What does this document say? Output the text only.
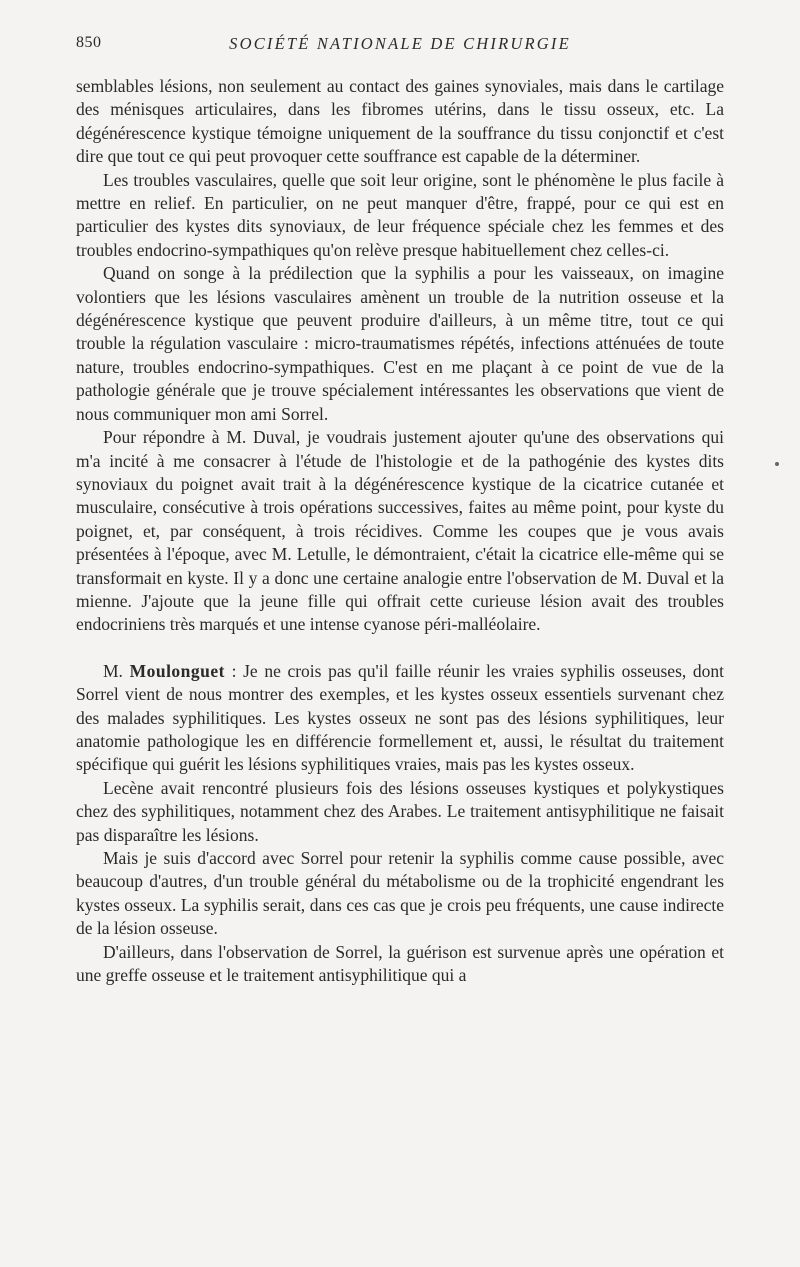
850	SOCIÉTÉ NATIONALE DE CHIRURGIE

semblables lésions, non seulement au contact des gaines synoviales, mais dans le cartilage des ménisques articulaires, dans les fibromes utérins, dans le tissu osseux, etc. La dégénérescence kystique témoigne uniquement de la souffrance du tissu conjonctif et c'est dire que tout ce qui peut provoquer cette souffrance est capable de la déterminer.

Les troubles vasculaires, quelle que soit leur origine, sont le phénomène le plus facile à mettre en relief. En particulier, on ne peut manquer d'être, frappé, pour ce qui est en particulier des kystes dits synoviaux, de leur fréquence spéciale chez les femmes et des troubles endocrino-sympathiques qu'on relève presque habituellement chez celles-ci.

Quand on songe à la prédilection que la syphilis a pour les vaisseaux, on imagine volontiers que les lésions vasculaires amènent un trouble de la nutrition osseuse et la dégénérescence kystique que peuvent produire d'ailleurs, à un même titre, tout ce qui trouble la régulation vasculaire : micro-traumatismes répétés, infections atténuées de toute nature, troubles endocrino-sympathiques. C'est en me plaçant à ce point de vue de la pathologie générale que je trouve spécialement intéressantes les observations que vient de nous communiquer mon ami Sorrel.

Pour répondre à M. Duval, je voudrais justement ajouter qu'une des observations qui m'a incité à me consacrer à l'étude de l'histologie et de la pathogénie des kystes dits synoviaux du poignet avait trait à la dégénérescence kystique de la cicatrice cutanée et musculaire, consécutive à trois opérations successives, faites au même point, pour kyste du poignet, et, par conséquent, à trois récidives. Comme les coupes que je vous avais présentées à l'époque, avec M. Letulle, le démontraient, c'était la cicatrice elle-même qui se transformait en kyste. Il y a donc une certaine analogie entre l'observation de M. Duval et la mienne. J'ajoute que la jeune fille qui offrait cette curieuse lésion avait des troubles endocriniens très marqués et une intense cyanose péri-malléolaire.

M. Moulonguet : Je ne crois pas qu'il faille réunir les vraies syphilis osseuses, dont Sorrel vient de nous montrer des exemples, et les kystes osseux essentiels survenant chez des malades syphilitiques. Les kystes osseux ne sont pas des lésions syphilitiques, leur anatomie pathologique les en différencie formellement et, aussi, le résultat du traitement spécifique qui guérit les lésions syphilitiques vraies, mais pas les kystes osseux.

Lecène avait rencontré plusieurs fois des lésions osseuses kystiques et polykystiques chez des syphilitiques, notamment chez des Arabes. Le traitement antisyphilitique ne faisait pas disparaître les lésions.

Mais je suis d'accord avec Sorrel pour retenir la syphilis comme cause possible, avec beaucoup d'autres, d'un trouble général du métabolisme ou de la trophicité engendrant les kystes osseux. La syphilis serait, dans ces cas que je crois peu fréquents, une cause indirecte de la lésion osseuse.

D'ailleurs, dans l'observation de Sorrel, la guérison est survenue après une opération et une greffe osseuse et le traitement antisyphilitique qui a
